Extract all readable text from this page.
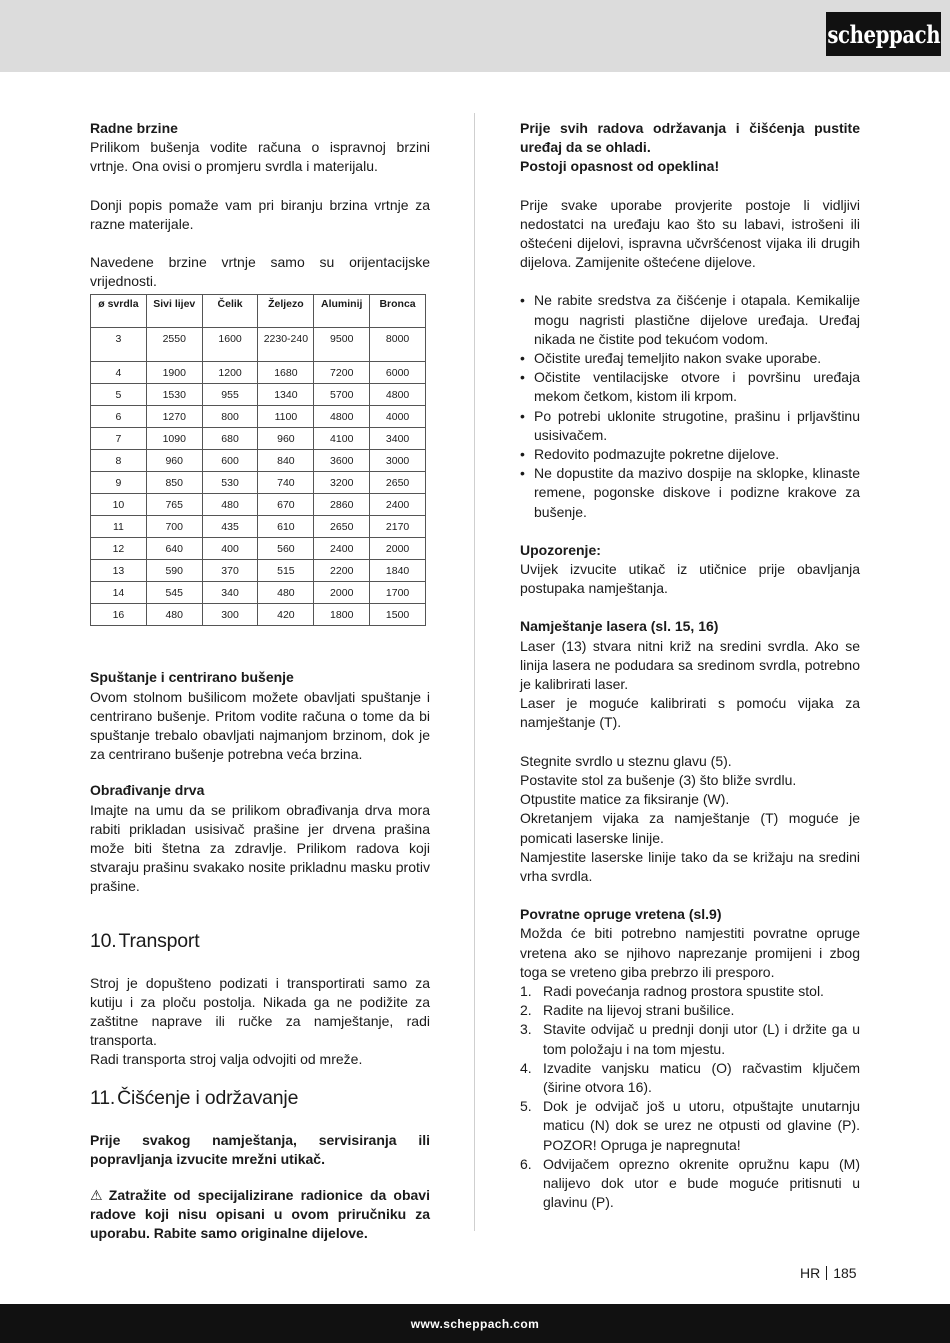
scheppach

Radne brzine

Prilikom bušenja vodite računa o ispravnoj brzini vrtnje. Ona ovisi o promjeru svrdla i materijalu.

Donji popis pomaže vam pri biranju brzina vrtnje za razne materijale.

Navedene brzine vrtnje samo su orijentacijske vrijednosti.

ø svrdla	Sivi lijev	Čelik	Željezo	Aluminij	Bronca
3	2550	1600	2230-240	9500	8000
4	1900	1200	1680	7200	6000
5	1530	955	1340	5700	4800
6	1270	800	1100	4800	4000
7	1090	680	960	4100	3400
8	960	600	840	3600	3000
9	850	530	740	3200	2650
10	765	480	670	2860	2400
11	700	435	610	2650	2170
12	640	400	560	2400	2000
13	590	370	515	2200	1840
14	545	340	480	2000	1700
16	480	300	420	1800	1500

Spuštanje i centrirano bušenje

Ovom stolnom bušilicom možete obavljati spuštanje i centrirano bušenje. Pritom vodite računa o tome da bi spuštanje trebalo obavljati najmanjom brzinom, dok je za centrirano bušenje potrebna veća brzina.

Obrađivanje drva

Imajte na umu da se prilikom obrađivanja drva mora rabiti prikladan usisivač prašine jer drvena prašina može biti štetna za zdravlje. Prilikom radova koji stvaraju prašinu svakako nosite prikladnu masku protiv prašine.

10. Transport

Stroj je dopušteno podizati i transportirati samo za kutiju i za ploču postolja. Nikada ga ne podižite za zaštitne naprave ili ručke za namještanje, radi transporta.

Radi transporta stroj valja odvojiti od mreže.

11. Čišćenje i održavanje

Prije svakog namještanja, servisiranja ili popravljanja izvucite mrežni utikač.

⚠ Zatražite od specijalizirane radionice da obavi radove koji nisu opisani u ovom priručniku za uporabu. Rabite samo originalne dijelove.

Prije svih radova održavanja i čišćenja pustite uređaj da se ohladi.

Postoji opasnost od opeklina!

Prije svake uporabe provjerite postoje li vidljivi nedostatci na uređaju kao što su labavi, istrošeni ili oštećeni dijelovi, ispravna učvršćenost vijaka ili drugih dijelova. Zamijenite oštećene dijelove.

• Ne rabite sredstva za čišćenje i otapala. Kemikalije mogu nagristi plastične dijelove uređaja. Uređaj nikada ne čistite pod tekućom vodom.
• Očistite uređaj temeljito nakon svake uporabe.
• Očistite ventilacijske otvore i površinu uređaja mekom četkom, kistom ili krpom.
• Po potrebi uklonite strugotine, prašinu i prljavštinu usisivačem.
• Redovito podmazujte pokretne dijelove.
• Ne dopustite da mazivo dospije na sklopke, klinaste remene, pogonske diskove i podizne krakove za bušenje.

Upozorenje:

Uvijek izvucite utikač iz utičnice prije obavljanja postupaka namještanja.

Namještanje lasera (sl. 15, 16)

Laser (13) stvara nitni križ na sredini svrdla. Ako se linija lasera ne podudara sa sredinom svrdla, potrebno je kalibrirati laser.

Laser je moguće kalibrirati s pomoću vijaka za namještanje (T).

Stegnite svrdlo u steznu glavu (5).

Postavite stol za bušenje (3) što bliže svrdlu.

Otpustite matice za fiksiranje (W).

Okretanjem vijaka za namještanje (T) moguće je pomicati laserske linije.

Namjestite laserske linije tako da se križaju na sredini vrha svrdla.

Povratne opruge vretena (sl.9)

Možda će biti potrebno namjestiti povratne opruge vretena ako se njihovo naprezanje promijeni i zbog toga se vreteno giba prebrzo ili presporo.

1. Radi povećanja radnog prostora spustite stol.
2. Radite na lijevoj strani bušilice.
3. Stavite odvijač u prednji donji utor (L) i držite ga u tom položaju i na tom mjestu.
4. Izvadite vanjsku maticu (O) račvastim ključem (širine otvora 16).
5. Dok je odvijač još u utoru, otpuštajte unutarnju maticu (N) dok se urez ne otpusti od glavine (P). POZOR! Opruga je napregnuta!
6. Odvijačem oprezno okrenite opružnu kapu (M) nalijevo dok utor e bude moguće pritisnuti u glavinu (P).
HR 185
www.scheppach.com
